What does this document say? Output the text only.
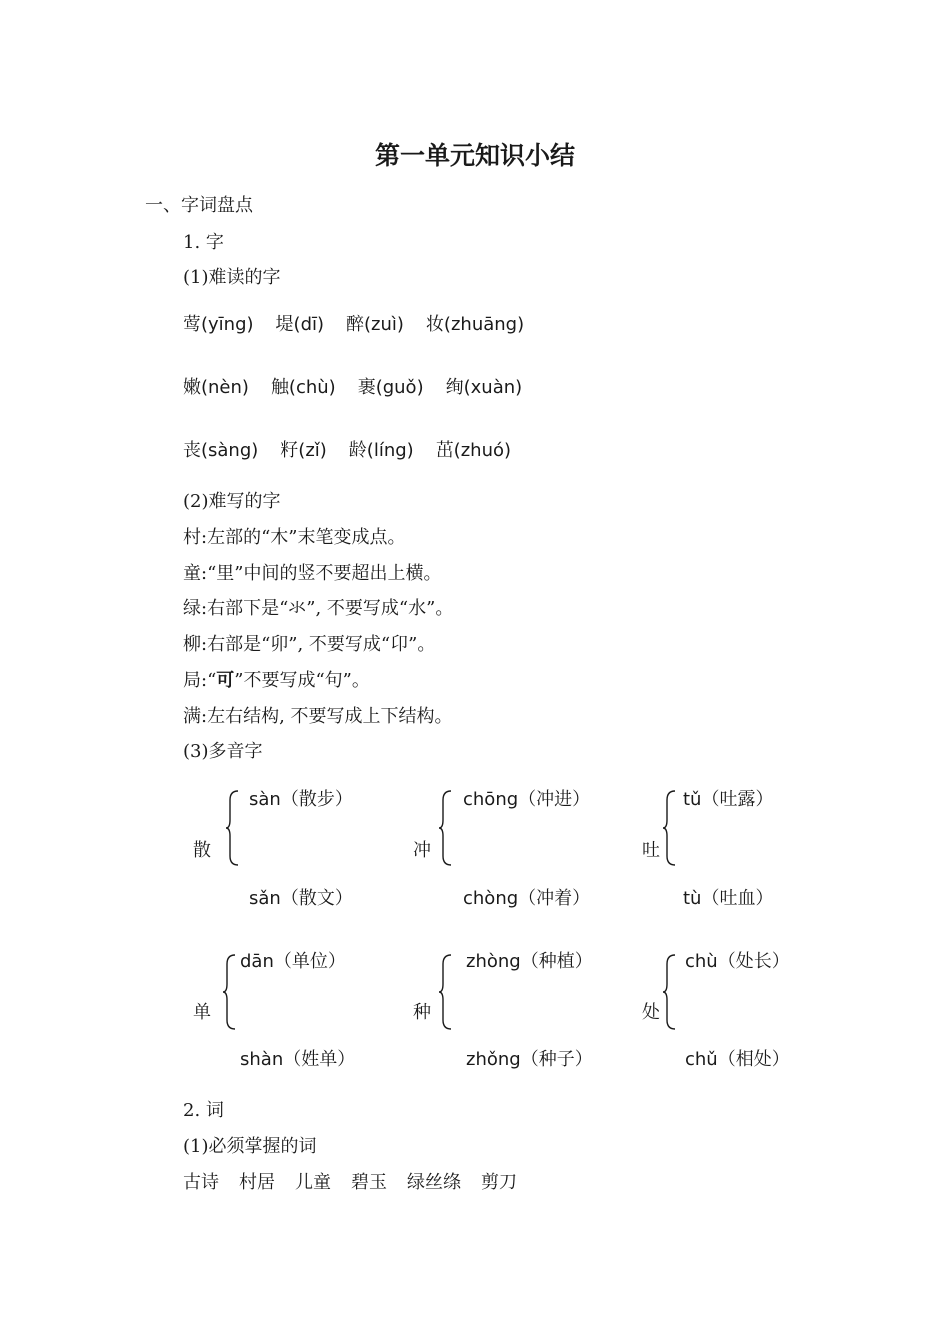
第一单元知识小结
一、字词盘点
1. 字
(1)难读的字
莺(yīng) 堤(dī) 醉(zuì) 妆(zhuāng)
嫩(nèn) 触(chù) 裹(guǒ) 绚(xuàn)
丧(sàng) 籽(zǐ) 龄(líng) 茁(zhuó)
(2)难写的字
村:左部的“木”末笔变成点。
童:“里”中间的竖不要超出上横。
绿:右部下是“氺”, 不要写成“水”。
柳:右部是“卯”, 不要写成“卬”。
局:“可”不要写成“句”。
满:左右结构, 不要写成上下结构。
(3)多音字
散
sàn（散步）
sǎn（散文）
冲
chōng（冲进）
chòng（冲着）
吐
tǔ（吐露）
tù（吐血）
单
dān（单位）
shàn（姓单）
种
zhòng（种植）
zhǒng（种子）
处
chù（处长）
chǔ（相处）
2. 词
(1)必须掌握的词
古诗 村居 儿童 碧玉 绿丝绦 剪刀
